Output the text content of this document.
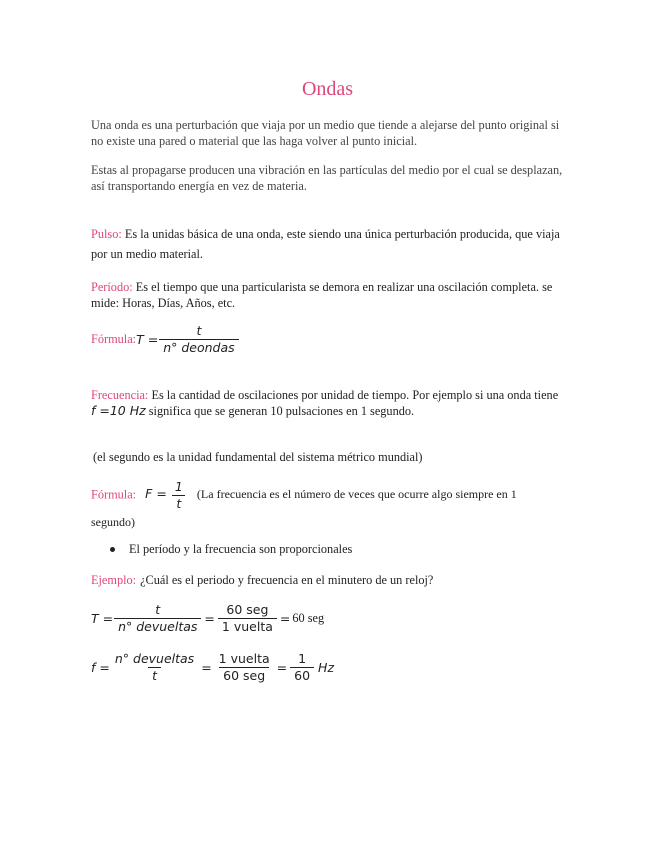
Ondas
Una onda es una perturbación que viaja por un medio que tiende a alejarse del punto original si no existe una pared o material que las haga volver al punto inicial.
Estas al propagarse producen una vibración en las partículas del medio por el cual se desplazan, así transportando energía en vez de materia.
Pulso: Es la unidas básica de una onda, este siendo una única perturbación producida, que viaja por un medio material.
Período: Es el tiempo que una particularista se demora en realizar una oscilación completa. se mide: Horas, Días, Años, etc.
Fórmula: $T = \frac{t}{\text{n° deondas}}$
Frecuencia: Es la cantidad de oscilaciones por unidad de tiempo. Por ejemplo si una onda tiene f =10 Hz significa que se generan 10 pulsaciones en 1 segundo.
(el segundo es la unidad fundamental del sistema métrico mundial)
Fórmula: $F = \frac{1}{t} (La$ frecuencia es el número de veces que ocurre algo siempre en 1 segundo)
El período y la frecuencia son proporcionales
Ejemplo: ¿Cuál es el periodo y frecuencia en el minutero de un reloj?
$T = \frac{t}{\text{n° devueltas}} = \frac{\text{60 seg}}{\text{1 vuelta}} = 60$ seg
$f = \frac{\text{n° devueltas}}{t} = \frac{\text{1 vuelta}}{\text{60 seg}} = \frac{1}{60}$ Hz
